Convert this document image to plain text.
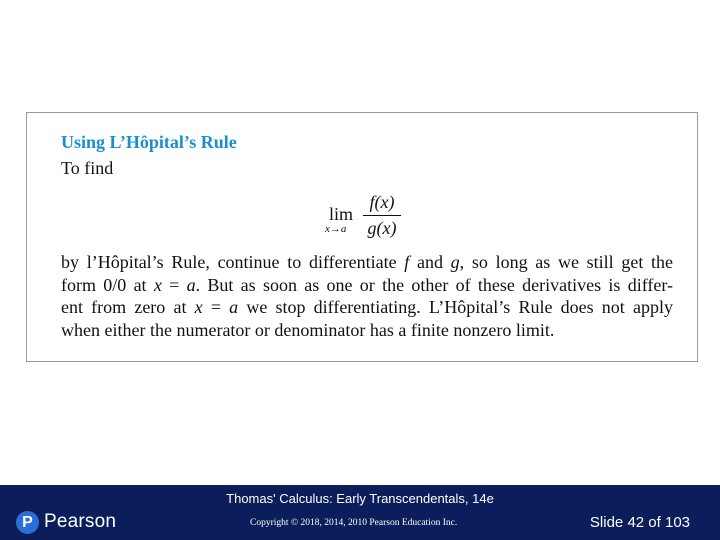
Using L’Hôpital’s Rule
To find
lim
x→a
f(x)
g(x)
by l’Hôpital’s Rule, continue to differentiate f and g, so long as we still get the
form 0/0 at x = a. But as soon as one or the other of these derivatives is differ-
ent from zero at x = a we stop differentiating. L’Hôpital’s Rule does not apply
when either the numerator or denominator has a finite nonzero limit.
P Pearson
Thomas' Calculus: Early Transcendentals, 14e
Copyright © 2018, 2014, 2010 Pearson Education Inc.	Slide 42 of 103
